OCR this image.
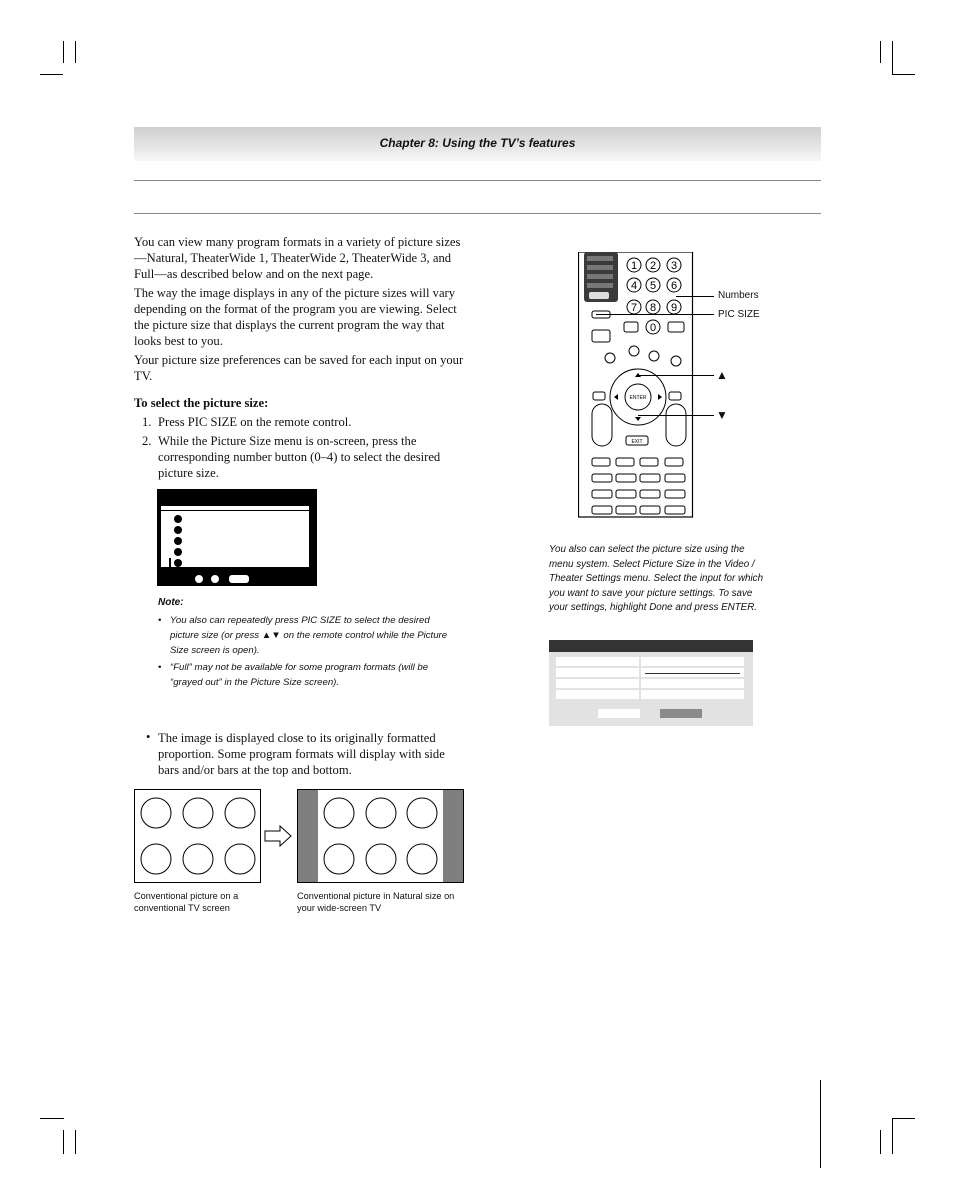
Chapter 8: Using the TV’s features

You can view many program formats in a variety of picture sizes—Natural, TheaterWide 1, TheaterWide 2, TheaterWide 3, and Full—as described below and on the next page.

The way the image displays in any of the picture sizes will vary depending on the format of the program you are viewing. Select the picture size that displays the current program the way that looks best to you.

Your picture size preferences can be saved for each input on your TV.

To select the picture size:
1. Press PIC SIZE on the remote control.
2. While the Picture Size menu is on-screen, press the corresponding number button (0–4) to select the desired picture size.
Note:
• You also can repeatedly press PIC SIZE to select the desired picture size (or press ▲▼ on the remote control while the Picture Size screen is open).
• “Full” may not be available for some program formats (will be “grayed out” in the Picture Size screen).
• The image is displayed close to its originally formatted proportion. Some program formats will display with side bars and/or bars at the top and bottom.
Conventional picture on a conventional TV screen
Conventional picture in Natural size on your wide-screen TV
1 2 3
4 5 6
7 8 9
0
ENTER
EXIT
Numbers
PIC SIZE
▲
▼
You also can select the picture size using the menu system. Select Picture Size in the Video / Theater Settings menu. Select the input for which you want to save your picture settings. To save your settings, highlight Done and press ENTER.
